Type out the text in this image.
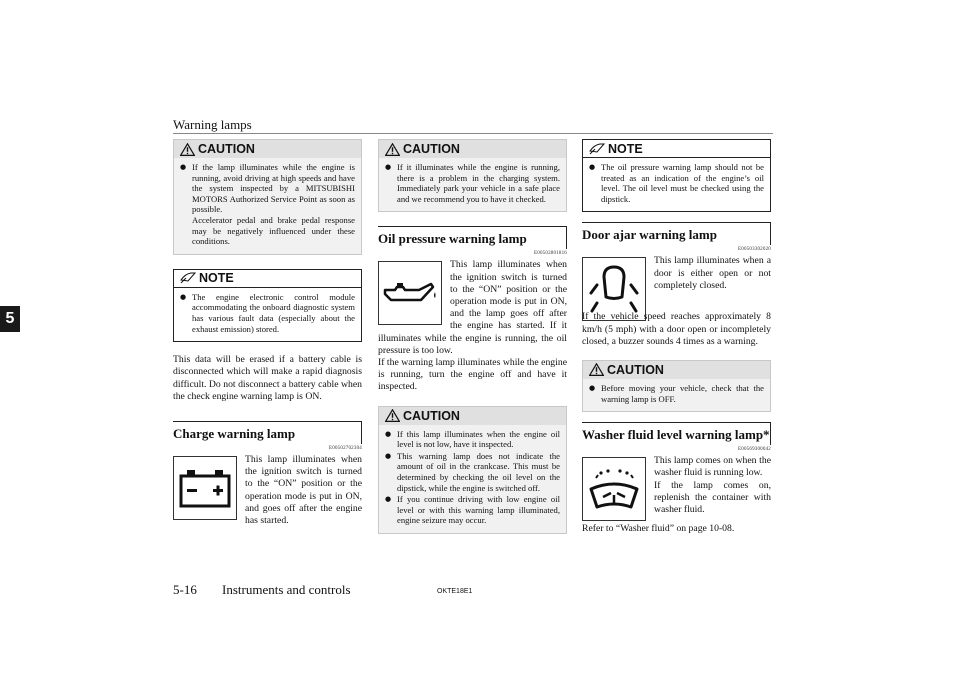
Warning lamps
5
CAUTION
● If the lamp illuminates while the engine is running, avoid driving at high speeds and have the system inspected by a MITSUBISHI MOTORS Authorized Service Point as soon as possible.

Accelerator pedal and brake pedal response may be negatively influenced under these conditions.

NOTE
● The engine electronic control module accommodating the onboard diagnostic system has various fault data (especially about the exhaust emission) stored.
This data will be erased if a battery cable is disconnected which will make a rapid diagnosis difficult. Do not disconnect a battery cable when the check engine warning lamp is ON.
Charge warning lamp
E00502702304
This lamp illuminates when the ignition switch is turned to the “ON” position or the operation mode is put in ON, and goes off after the engine has started.
CAUTION
● If it illuminates while the engine is running, there is a problem in the charging system. Immediately park your vehicle in a safe place and we recommend you to have it checked.
Oil pressure warning lamp
E00502801816
This lamp illuminates when the ignition switch is turned to the “ON” position or the operation mode is put in ON, and the lamp goes off after the engine has started. If it illuminates while the engine is running, the oil pressure is too low.
If the warning lamp illuminates while the engine is running, turn the engine off and have it inspected.
CAUTION
● If this lamp illuminates when the engine oil level is not low, have it inspected.
● This warning lamp does not indicate the amount of oil in the crankcase. This must be determined by checking the oil level on the dipstick, while the engine is switched off.
● If you continue driving with low engine oil level or with this warning lamp illuminated, engine seizure may occur.
NOTE
● The oil pressure warning lamp should not be treated as an indication of the engine’s oil level. The oil level must be checked using the dipstick.
Door ajar warning lamp
E00503302020
This lamp illuminates when a door is either open or not completely closed.
If the vehicle speed reaches approximately 8 km/h (5 mph) with a door open or incompletely closed, a buzzer sounds 4 times as a warning.
CAUTION
● Before moving your vehicle, check that the warning lamp is OFF.
Washer fluid level warning lamp*
E00569300042
This lamp comes on when the washer fluid is running low.
If the lamp comes on, replenish the container with washer fluid.
Refer to “Washer fluid” on page 10-08.
5-16 Instruments and controls	OKTE18E1
